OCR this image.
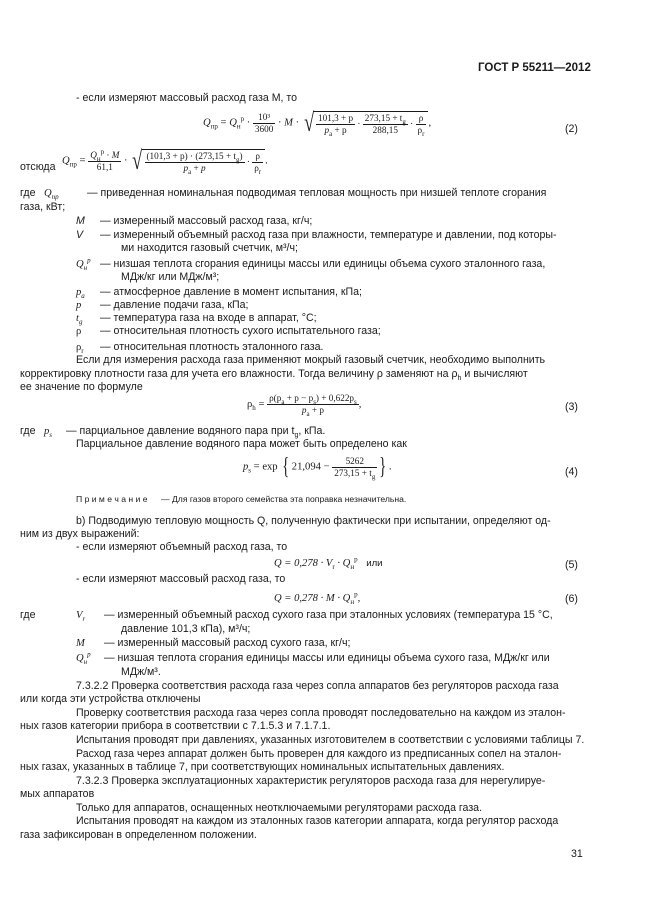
ГОСТ Р 55211—2012
- если измеряют массовый расход газа M, то
$Q_{пр} = Q_н^р \cdot \frac{\text{10³}}{3600} \cdot M$ · √ $\frac{101,3 + p}{p_a + p} \cdot \frac{273,15 + t_g}{288,15} \cdot \frac{\rho}{\rho_r}$ ,
(2)
отсюда
$Q_{пр} = \frac{Q_н^р \cdot M}{61,1}$ · √ $\frac{(101,3 + p) \cdot (273,15 + t_g)}{p_a + p} \cdot \frac{\rho}{\rho_r}$ .
где $Q_{пр}$	— приведенная номинальная подводимая тепловая мощность при низшей теплоте сгорания
газа, кВт;
M — измеренный массовый расход газа, кг/ч;
V — измеренный объемный расход газа при влажности, температуре и давлении, под которы-
ми находится газовый счетчик, м³/ч;
$Q_н^р$ — низшая теплота сгорания единицы массы или единицы объема сухого эталонного газа,
МДж/кг или МДж/м³;
$p_a$ — атмосферное давление в момент испытания, кПа;
p — давление подачи газа, кПа;
$t_g$ — температура газа на входе в аппарат, °С;
ρ — относительная плотность сухого испытательного газа;
$\rho_r$ — относительная плотность эталонного газа.
Если для измерения расхода газа применяют мокрый газовый счетчик, необходимо выполнить
корректировку плотности газа для учета его влажности. Тогда величину ρ заменяют на $\rho_h$ и вычисляют
ее значение по формуле
$\rho_h = \frac{\rho(p_a + p - p_s) + 0,622p_s}{p_a + p}$ ,	(3)
где $p_s$ — парциальное давление водяного пара при $t_g$, кПа.
Парциальное давление водяного пара может быть определено как
$p_s = \exp$ { $21,094 - \frac{5262}{273,15 + t_g}$ } .	(4)
П р и м е ч а н и е — Для газов второго семейства эта поправка незначительна.
b) Подводимую тепловую мощность Q, полученную фактически при испытании, определяют од-
ним из двух выражений:
- если измеряют объемный расход газа, то
$Q = 0,278 \cdot V_r \cdot Q_н^р$ или	(5)
- если измеряют массовый расход газа, то
$Q = 0,278 \cdot M \cdot Q_н^р$,	(6)
где	$V_r$ — измеренный объемный расход сухого газа при эталонных условиях (температура 15 °С,
давление 101,3 кПа), м³/ч;
M — измеренный массовый расход сухого газа, кг/ч;
$Q_н^р$ — низшая теплота сгорания единицы массы или единицы объема сухого газа, МДж/кг или
МДж/м³.
7.3.2.2 Проверка соответствия расхода газа через сопла аппаратов без регуляторов расхода газа
или когда эти устройства отключены
Проверку соответствия расхода газа через сопла проводят последовательно на каждом из эталон-
ных газов категории прибора в соответствии с 7.1.5.3 и 7.1.7.1.
Испытания проводят при давлениях, указанных изготовителем в соответствии с условиями таблицы 7.
Расход газа через аппарат должен быть проверен для каждого из предписанных сопел на эталон-
ных газах, указанных в таблице 7, при соответствующих номинальных испытательных давлениях.
7.3.2.3 Проверка эксплуатационных характеристик регуляторов расхода газа для нерегулируе-
мых аппаратов
Только для аппаратов, оснащенных неотключаемыми регуляторами расхода газа.
Испытания проводят на каждом из эталонных газов категории аппарата, когда регулятор расхода
газа зафиксирован в определенном положении.
31
